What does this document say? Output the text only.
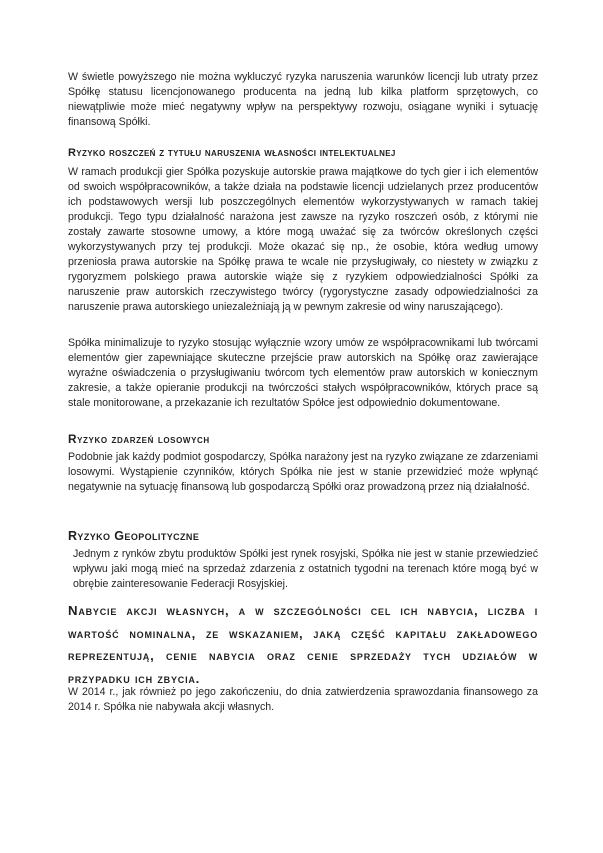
W świetle powyższego nie można wykluczyć ryzyka naruszenia warunków licencji lub utraty przez Spółkę statusu licencjonowanego producenta na jedną lub kilka platform sprzętowych, co niewątpliwie może mieć negatywny wpływ na perspektywy rozwoju, osiągane wyniki i sytuację finansową Spółki.

Ryzyko roszczeń z tytułu naruszenia własności intelektualnej

W ramach produkcji gier Spółka pozyskuje autorskie prawa majątkowe do tych gier i ich elementów od swoich współpracowników, a także działa na podstawie licencji udzielanych przez producentów ich podstawowych wersji lub poszczególnych elementów wykorzystywanych w ramach takiej produkcji. Tego typu działalność narażona jest zawsze na ryzyko roszczeń osób, z którymi nie zostały zawarte stosowne umowy, a które mogą uważać się za twórców określonych części wykorzystywanych przy tej produkcji. Może okazać się np., że osobie, która według umowy przeniosła prawa autorskie na Spółkę prawa te wcale nie przysługiwały, co niestety w związku z rygoryzmem polskiego prawa autorskie wiąże się z ryzykiem odpowiedzialności Spółki za naruszenie praw autorskich rzeczywistego twórcy (rygorystyczne zasady odpowiedzialności za naruszenie prawa autorskiego uniezależniają ją w pewnym zakresie od winy naruszającego).

Spółka minimalizuje to ryzyko stosując wyłącznie wzory umów ze współpracownikami lub twórcami elementów gier zapewniające skuteczne przejście praw autorskich na Spółkę oraz zawierające wyraźne oświadczenia o przysługiwaniu twórcom tych elementów praw autorskich w koniecznym zakresie, a także opieranie produkcji na twórczości stałych współpracowników, których prace są stale monitorowane, a przekazanie ich rezultatów Spółce jest odpowiednio dokumentowane.

Ryzyko zdarzeń losowych

Podobnie jak każdy podmiot gospodarczy, Spółka narażony jest na ryzyko związane ze zdarzeniami losowymi. Wystąpienie czynników, których Spółka nie jest w stanie przewidzieć może wpłynąć negatywnie na sytuację finansową lub gospodarczą Spółki oraz prowadzoną przez nią działalność.

Ryzyko Geopolityczne

Jednym z rynków zbytu produktów Spółki jest rynek rosyjski, Spółka nie jest w stanie przewiedzieć wpływu jaki mogą mieć na sprzedaż zdarzenia z ostatnich tygodni na terenach które mogą być w obrębie zainteresowanie Federacji Rosyjskiej.

Nabycie akcji własnych, a w szczególności cel ich nabycia, liczba i wartość nominalna, ze wskazaniem, jaką część kapitału zakładowego reprezentują, cenie nabycia oraz cenie sprzedaży tych udziałów w przypadku ich zbycia.

W 2014 r., jak również po jego zakończeniu, do dnia zatwierdzenia sprawozdania finansowego za 2014 r. Spółka nie nabywała akcji własnych.
